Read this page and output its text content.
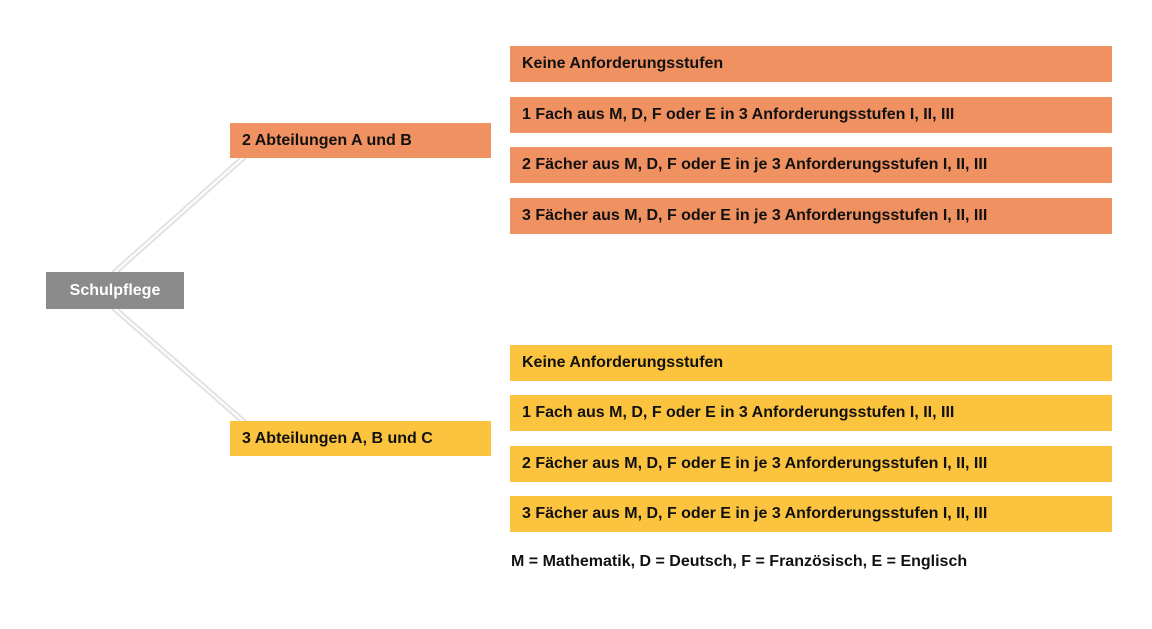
Schulpflege
2 Abteilungen A und B
Keine Anforderungsstufen
1 Fach aus M, D, F oder E in 3 Anforderungsstufen I, II, III
2 Fächer aus M, D, F oder E in je 3 Anforderungsstufen I, II, III
3 Fächer aus M, D, F oder E in je 3 Anforderungsstufen I, II, III
3 Abteilungen A, B und C
Keine Anforderungsstufen
1 Fach aus M, D, F oder E in 3 Anforderungsstufen I, II, III
2 Fächer aus M, D, F oder E in je 3 Anforderungsstufen I, II, III
3 Fächer aus M, D, F oder E in je 3 Anforderungsstufen I, II, III
M = Mathematik, D = Deutsch, F = Französisch, E = Englisch
